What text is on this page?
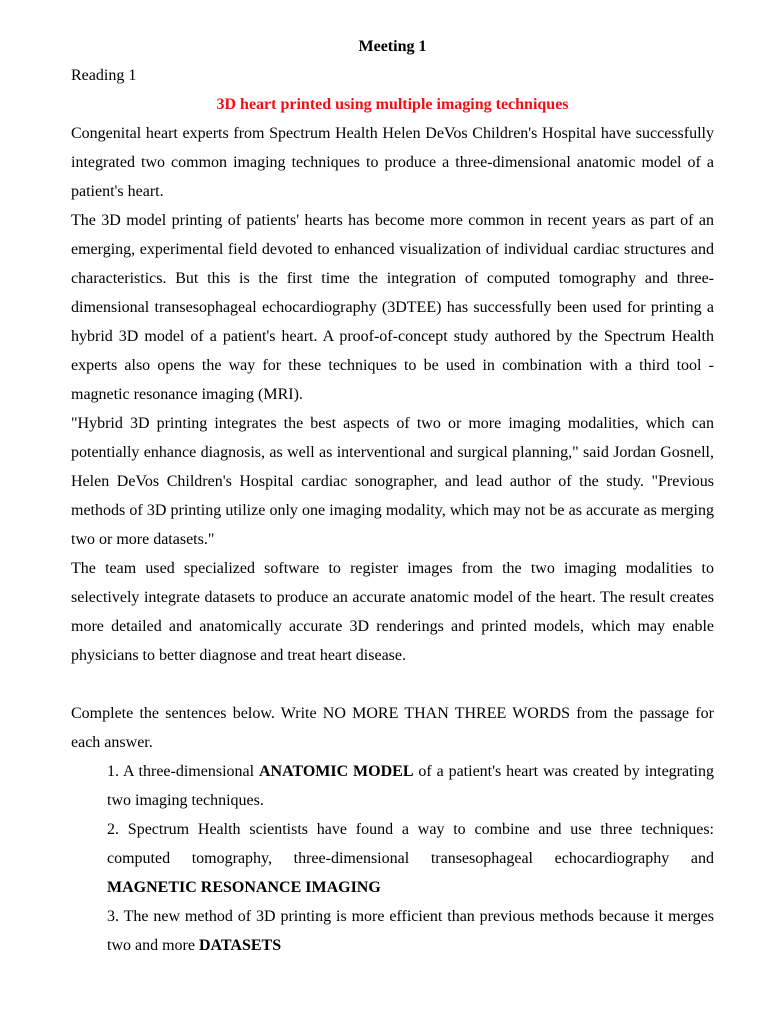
Meeting 1

Reading 1

3D heart printed using multiple imaging techniques

Congenital heart experts from Spectrum Health Helen DeVos Children's Hospital have successfully integrated two common imaging techniques to produce a three-dimensional anatomic model of a patient's heart.

The 3D model printing of patients' hearts has become more common in recent years as part of an emerging, experimental field devoted to enhanced visualization of individual cardiac structures and characteristics. But this is the first time the integration of computed tomography and three-dimensional transesophageal echocardiography (3DTEE) has successfully been used for printing a hybrid 3D model of a patient's heart. A proof-of-concept study authored by the Spectrum Health experts also opens the way for these techniques to be used in combination with a third tool - magnetic resonance imaging (MRI).

"Hybrid 3D printing integrates the best aspects of two or more imaging modalities, which can potentially enhance diagnosis, as well as interventional and surgical planning," said Jordan Gosnell, Helen DeVos Children's Hospital cardiac sonographer, and lead author of the study. "Previous methods of 3D printing utilize only one imaging modality, which may not be as accurate as merging two or more datasets."

The team used specialized software to register images from the two imaging modalities to selectively integrate datasets to produce an accurate anatomic model of the heart. The result creates more detailed and anatomically accurate 3D renderings and printed models, which may enable physicians to better diagnose and treat heart disease.

Complete the sentences below. Write NO MORE THAN THREE WORDS from the passage for each answer.

1. A three-dimensional ANATOMIC MODEL of a patient's heart was created by integrating two imaging techniques.

2. Spectrum Health scientists have found a way to combine and use three techniques: computed tomography, three-dimensional transesophageal echocardiography and MAGNETIC RESONANCE IMAGING

3. The new method of 3D printing is more efficient than previous methods because it merges two and more DATASETS
